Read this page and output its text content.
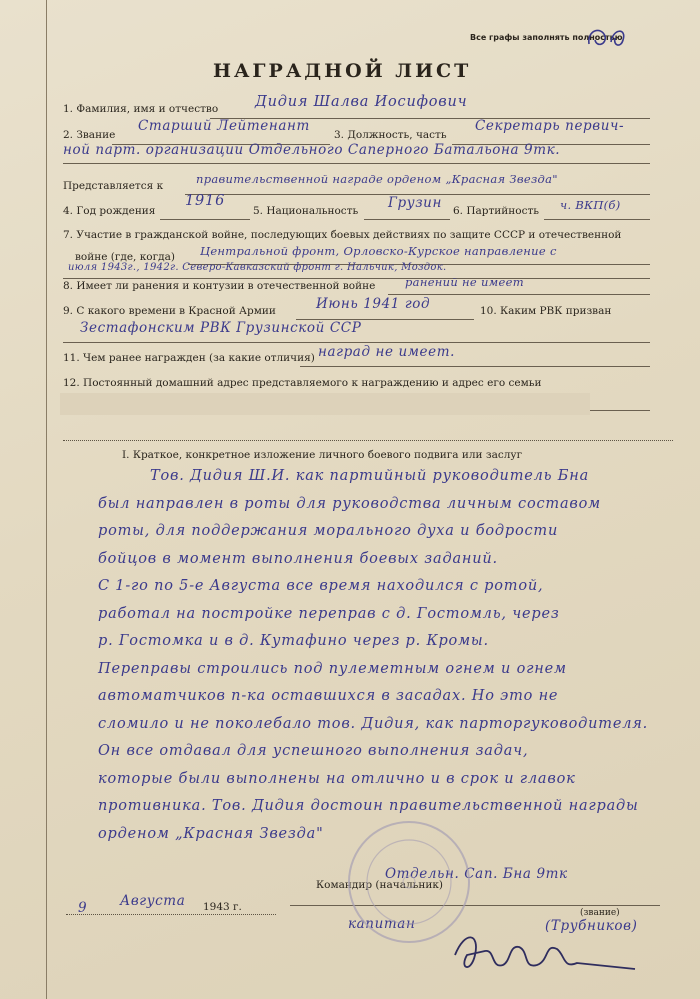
Все графы заполнять полностью
НАГРАДНОЙ ЛИСТ
1. Фамилия, имя и отчество	Дидия Шалва Иосифович
2. Звание
Старший Лейтенант
3. Должность, часть
Секретарь первич-
ной парт. организации Отдельного Саперного Батальона 9тк.
Представляется к	правительственной награде орденом „Красная Звезда"
4. Год рождения
1916
5. Национальность Грузин 6. Партийность ч. ВКП(б)
7. Участие в гражданской войне, последующих боевых действиях по защите СССР и отечественной
войне (где, когда) Центральной фронт, Орловско-Курское направление с
июля 1943г., 1942г. Северо-Кавказский фронт г. Нальчик, Моздок.
8. Имеет ли ранения и контузии в отечественной войне	ранений не имеет
9. С какого времени в Красной Армии	Июнь 1941 год	10. Каким РВК призван
Зестафонским РВК Грузинской ССР
11. Чем ранее награжден (за какие отличия) наград не имеет.
12. Постоянный домашний адрес представляемого к награждению и адрес его семьи
I. Краткое, конкретное изложение личного боевого подвига или заслуг
Тов. Дидия Ш.И. как партийный руководитель Бна
был направлен в роты для руководства личным составом
роты, для поддержания морального духа и бодрости
бойцов в момент выполнения боевых заданий.
С 1-го по 5-е Августа все время находился с ротой,
работал на постройке переправ с д. Гостомль, через
р. Гостомка и в д. Кутафино через р. Кромы.
Переправы строились под пулеметным огнем и огнем
автоматчиков п-ка оставшихся в засадах. Но это не
сломило и не поколебало тов. Дидия, как парторгуководителя.
Он все отдавал для успешного выполнения задач,
которые были выполнены на отлично и в срок и главок
противника. Тов. Дидия достоин правительственной награды
орденом „Красная Звезда"
Командир (начальник)
Отдельн. Сап. Бна 9тк
(звание)
капитан	(Трубников)
9 Августа 1943 г.
